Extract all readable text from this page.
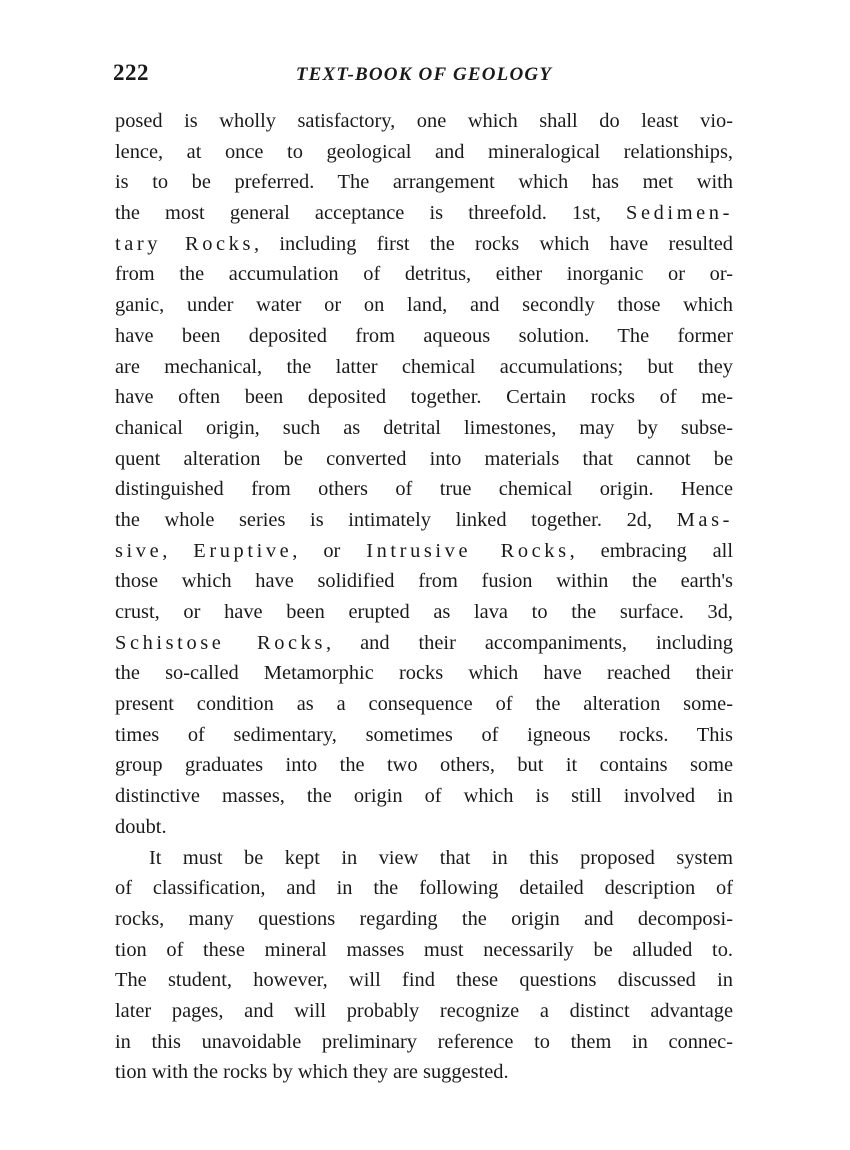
222	TEXT-BOOK OF GEOLOGY
posed is wholly satisfactory, one which shall do least vio-
lence, at once to geological and mineralogical relationships,
is to be preferred. The arrangement which has met with
the most general acceptance is threefold. 1st, Sedimen-
tary Rocks, including first the rocks which have resulted
from the accumulation of detritus, either inorganic or or-
ganic, under water or on land, and secondly those which
have been deposited from aqueous solution. The former
are mechanical, the latter chemical accumulations; but they
have often been deposited together. Certain rocks of me-
chanical origin, such as detrital limestones, may by subse-
quent alteration be converted into materials that cannot be
distinguished from others of true chemical origin. Hence
the whole series is intimately linked together. 2d, Mas-
sive, Eruptive, or Intrusive Rocks, embracing all
those which have solidified from fusion within the earth's
crust, or have been erupted as lava to the surface. 3d,
Schistose Rocks, and their accompaniments, including
the so-called Metamorphic rocks which have reached their
present condition as a consequence of the alteration some-
times of sedimentary, sometimes of igneous rocks. This
group graduates into the two others, but it contains some
distinctive masses, the origin of which is still involved in
doubt.
It must be kept in view that in this proposed system
of classification, and in the following detailed description of
rocks, many questions regarding the origin and decomposi-
tion of these mineral masses must necessarily be alluded to.
The student, however, will find these questions discussed in
later pages, and will probably recognize a distinct advantage
in this unavoidable preliminary reference to them in connec-
tion with the rocks by which they are suggested.
